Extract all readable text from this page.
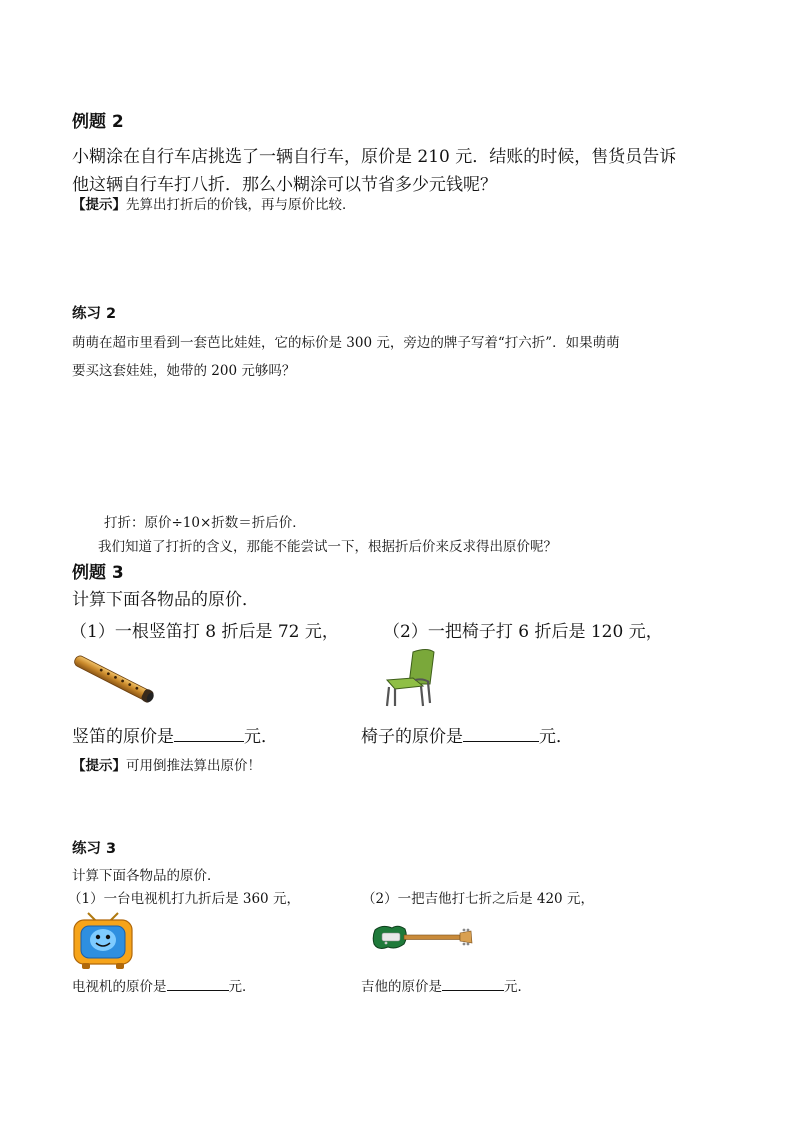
例题 2
小糊涂在自行车店挑选了一辆自行车，原价是 210 元．结账的时候，售货员告诉
他这辆自行车打八折．那么小糊涂可以节省多少元钱呢？
【提示】先算出打折后的价钱，再与原价比较．
练习 2
萌萌在超市里看到一套芭比娃娃，它的标价是 300 元，旁边的牌子写着“打六折”．如果萌萌
要买这套娃娃，她带的 200 元够吗？
打折：原价÷10×折数＝折后价．
我们知道了打折的含义，那能不能尝试一下，根据折后价来反求得出原价呢？
例题 3
计算下面各物品的原价．
（1）一根竖笛打 8 折后是 72 元，	（2）一把椅子打 6 折后是 120 元，
竖笛的原价是	元．	椅子的原价是	元．
【提示】可用倒推法算出原价！
练习 3
计算下面各物品的原价．
（1）一台电视机打九折后是 360 元，	（2）一把吉他打七折之后是 420 元，
电视机的原价是	元．	吉他的原价是	元．
